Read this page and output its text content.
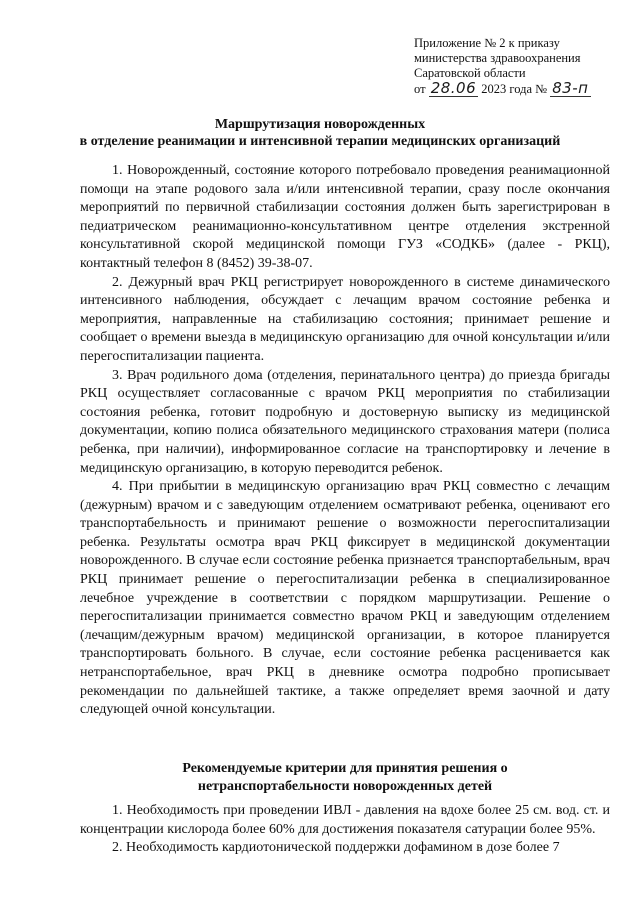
Приложение № 2 к приказу
министерства здравоохранения
Саратовской области
от 28.06 2023 года № 83-п
Маршрутизация новорожденных
в отделение реанимации и интенсивной терапии медицинских организаций

1. Новорожденный, состояние которого потребовало проведения реанимационной помощи на этапе родового зала и/или интенсивной терапии, сразу после окончания мероприятий по первичной стабилизации состояния должен быть зарегистрирован в педиатрическом реанимационно-консультативном центре отделения экстренной консультативной скорой медицинской помощи ГУЗ «СОДКБ» (далее - РКЦ), контактный телефон 8 (8452) 39-38-07.

2. Дежурный врач РКЦ регистрирует новорожденного в системе динамического интенсивного наблюдения, обсуждает с лечащим врачом состояние ребенка и мероприятия, направленные на стабилизацию состояния; принимает решение и сообщает о времени выезда в медицинскую организацию для очной консультации и/или перегоспитализации пациента.

3. Врач родильного дома (отделения, перинатального центра) до приезда бригады РКЦ осуществляет согласованные с врачом РКЦ мероприятия по стабилизации состояния ребенка, готовит подробную и достоверную выписку из медицинской документации, копию полиса обязательного медицинского страхования матери (полиса ребенка, при наличии), информированное согласие на транспортировку и лечение в медицинскую организацию, в которую переводится ребенок.

4. При прибытии в медицинскую организацию врач РКЦ совместно с лечащим (дежурным) врачом и с заведующим отделением осматривают ребенка, оценивают его транспортабельность и принимают решение о возможности перегоспитализации ребенка. Результаты осмотра врач РКЦ фиксирует в медицинской документации новорожденного. В случае если состояние ребенка признается транспортабельным, врач РКЦ принимает решение о перегоспитализации ребенка в специализированное лечебное учреждение в соответствии с порядком маршрутизации. Решение о перегоспитализации принимается совместно врачом РКЦ и заведующим отделением (лечащим/дежурным врачом) медицинской организации, в которое планируется транспортировать больного. В случае, если состояние ребенка расценивается как нетранспортабельное, врач РКЦ в дневнике осмотра подробно прописывает рекомендации по дальнейшей тактике, а также определяет время заочной и дату следующей очной консультации.

Рекомендуемые критерии для принятия решения о
нетранспортабельности новорожденных детей

1. Необходимость при проведении ИВЛ - давления на вдохе более 25 см. вод. ст. и концентрации кислорода более 60% для достижения показателя сатурации более 95%.

2. Необходимость кардиотонической поддержки дофамином в дозе более 7
